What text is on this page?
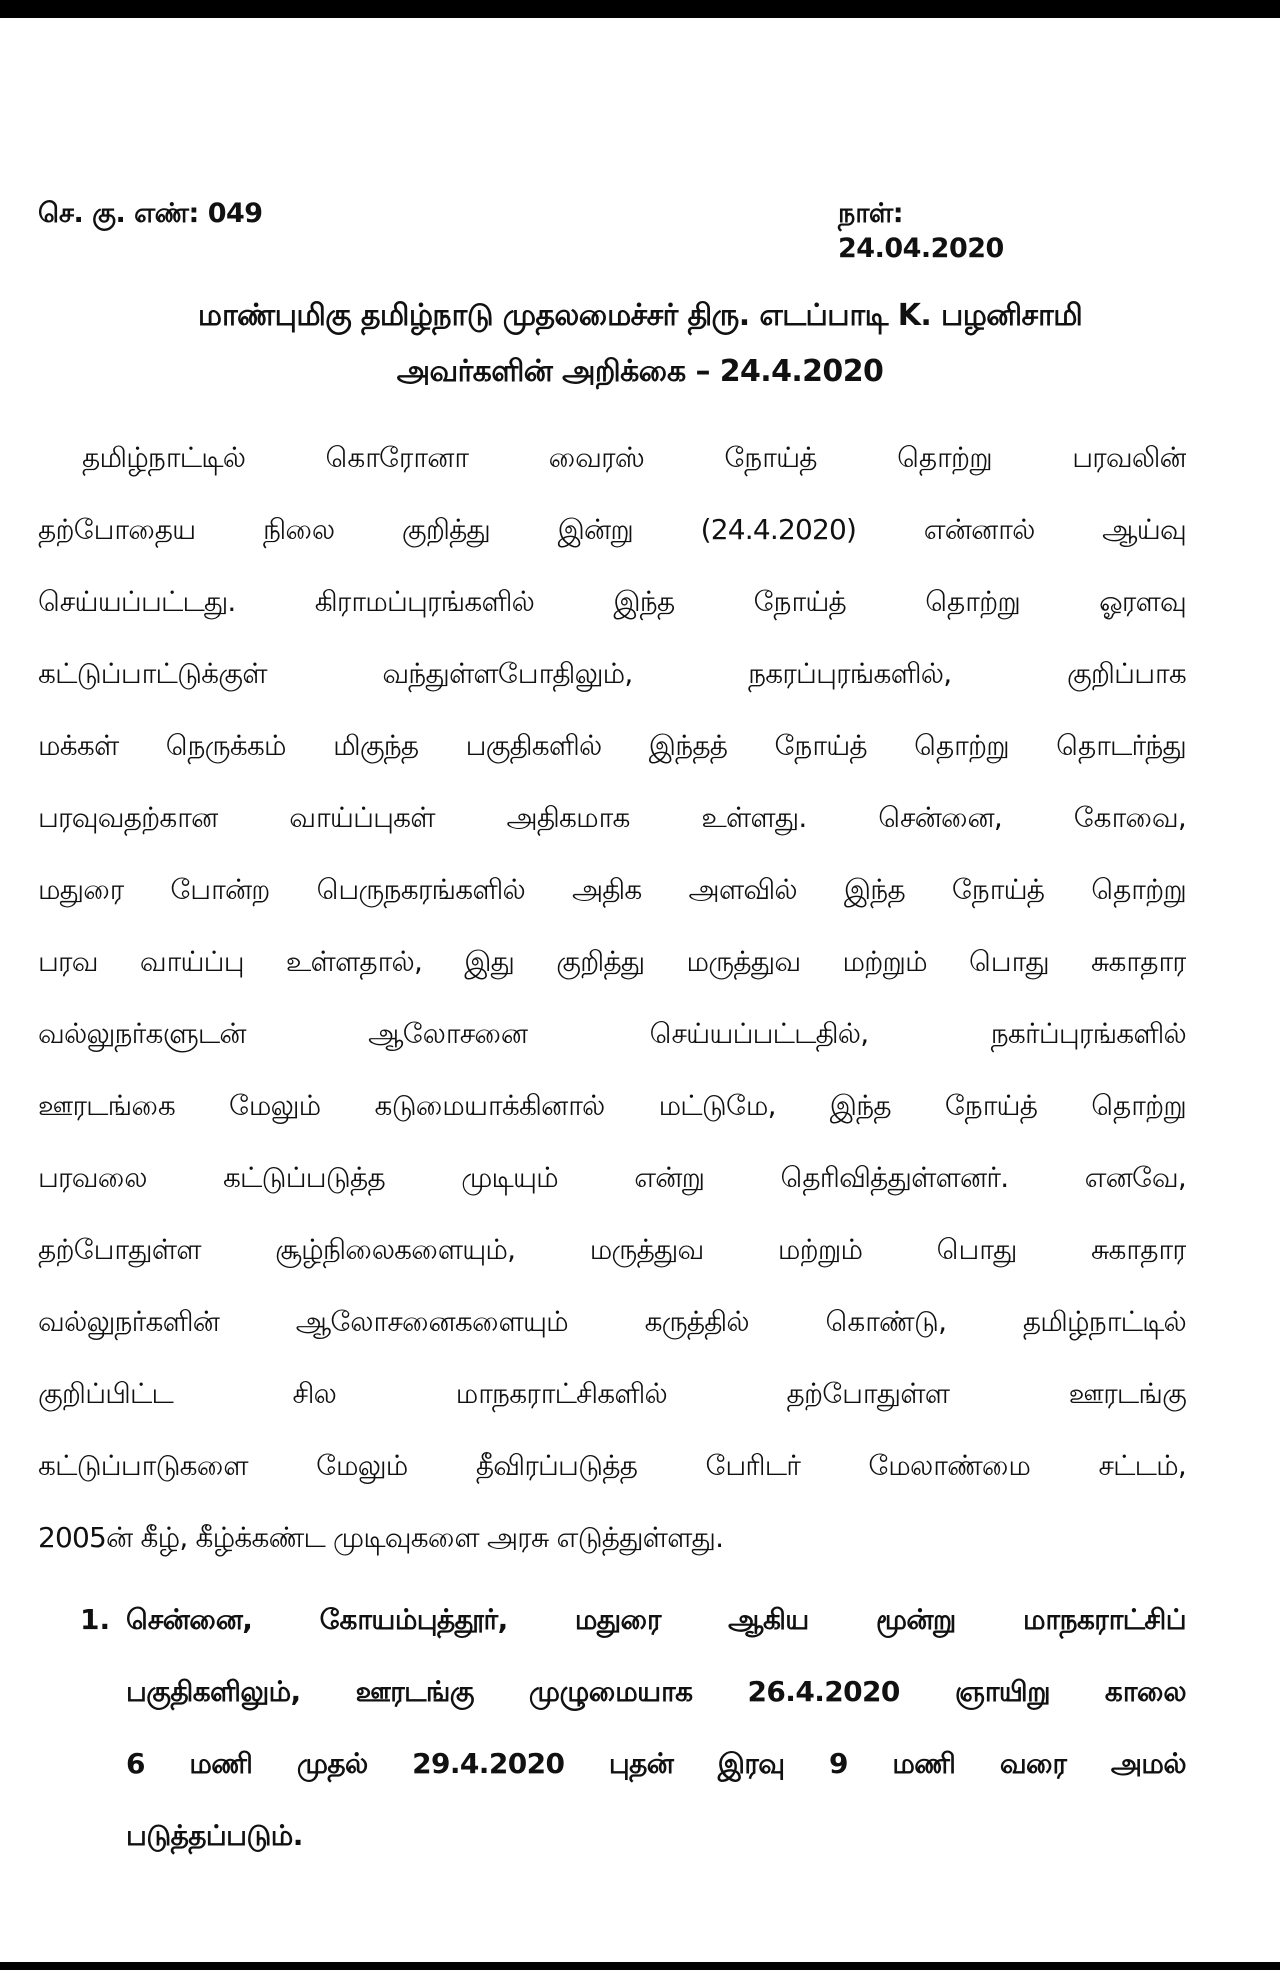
செ. கு. எண்: 049	நாள்: 24.04.2020
மாண்புமிகு தமிழ்நாடு முதலமைச்சர் திரு. எடப்பாடி K. பழனிசாமி
அவர்களின் அறிக்கை – 24.4.2020
தமிழ்நாட்டில் கொரோனா வைரஸ் நோய்த் தொற்று பரவலின்
தற்போதைய நிலை குறித்து இன்று (24.4.2020) என்னால் ஆய்வு
செய்யப்பட்டது. கிராமப்புரங்களில் இந்த நோய்த் தொற்று ஓரளவு
கட்டுப்பாட்டுக்குள் வந்துள்ளபோதிலும், நகரப்புரங்களில், குறிப்பாக
மக்கள் நெருக்கம் மிகுந்த பகுதிகளில் இந்தத் நோய்த் தொற்று தொடர்ந்து
பரவுவதற்கான வாய்ப்புகள் அதிகமாக உள்ளது. சென்னை, கோவை,
மதுரை போன்ற பெருநகரங்களில் அதிக அளவில் இந்த நோய்த் தொற்று
பரவ வாய்ப்பு உள்ளதால், இது குறித்து மருத்துவ மற்றும் பொது சுகாதார
வல்லுநர்களுடன் ஆலோசனை செய்யப்பட்டதில், நகர்ப்புரங்களில்
ஊரடங்கை மேலும் கடுமையாக்கினால் மட்டுமே, இந்த நோய்த் தொற்று
பரவலை கட்டுப்படுத்த முடியும் என்று தெரிவித்துள்ளனர். எனவே,
தற்போதுள்ள சூழ்நிலைகளையும், மருத்துவ மற்றும் பொது சுகாதார
வல்லுநர்களின் ஆலோசனைகளையும் கருத்தில் கொண்டு, தமிழ்நாட்டில்
குறிப்பிட்ட சில மாநகராட்சிகளில் தற்போதுள்ள ஊரடங்கு
கட்டுப்பாடுகளை மேலும் தீவிரப்படுத்த பேரிடர் மேலாண்மை சட்டம்,
2005ன் கீழ், கீழ்க்கண்ட முடிவுகளை அரசு எடுத்துள்ளது.
1. சென்னை, கோயம்புத்தூர், மதுரை ஆகிய மூன்று மாநகராட்சிப்
பகுதிகளிலும், ஊரடங்கு முழுமையாக 26.4.2020 ஞாயிறு காலை
6 மணி முதல் 29.4.2020 புதன் இரவு 9 மணி வரை அமல்
படுத்தப்படும்.
